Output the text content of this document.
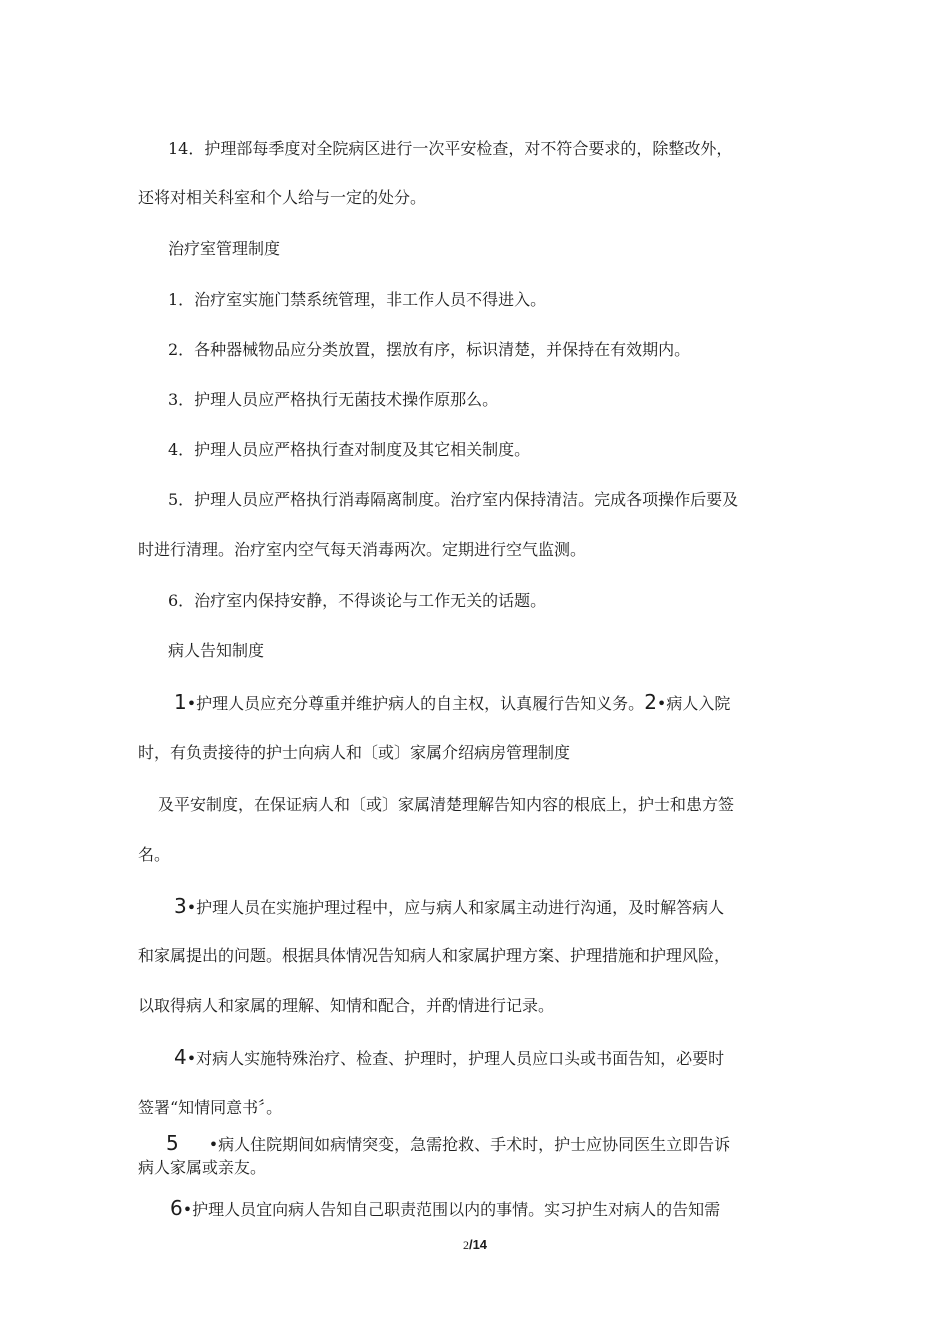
14．护理部每季度对全院病区进行一次平安检查，对不符合要求的，除整改外，
还将对相关科室和个人给与一定的处分。
治疗室管理制度
1．治疗室实施门禁系统管理，非工作人员不得进入。
2．各种器械物品应分类放置，摆放有序，标识清楚，并保持在有效期内。
3．护理人员应严格执行无菌技术操作原那么。
4．护理人员应严格执行查对制度及其它相关制度。
5．护理人员应严格执行消毒隔离制度。治疗室内保持清洁。完成各项操作后要及
时进行清理。治疗室内空气每天消毒两次。定期进行空气监测。
6．治疗室内保持安静，不得谈论与工作无关的话题。
病人告知制度
1•护理人员应充分尊重并维护病人的自主权，认真履行告知义务。2•病人入院
时，有负责接待的护士向病人和〔或〕家属介绍病房管理制度
及平安制度，在保证病人和〔或〕家属清楚理解告知内容的根底上，护士和患方签
名。
3•护理人员在实施护理过程中，应与病人和家属主动进行沟通，及时解答病人
和家属提出的问题。根据具体情况告知病人和家属护理方案、护理措施和护理风险，
以取得病人和家属的理解、知情和配合，并酌情进行记录。
4•对病人实施特殊治疗、检查、护理时，护理人员应口头或书面告知，必要时
签署“知情同意书〞。
5 •病人住院期间如病情突变，急需抢救、手术时，护士应协同医生立即告诉
病人家属或亲友。
6•护理人员宜向病人告知自己职责范围以内的事情。实习护生对病人的告知需
2/14
